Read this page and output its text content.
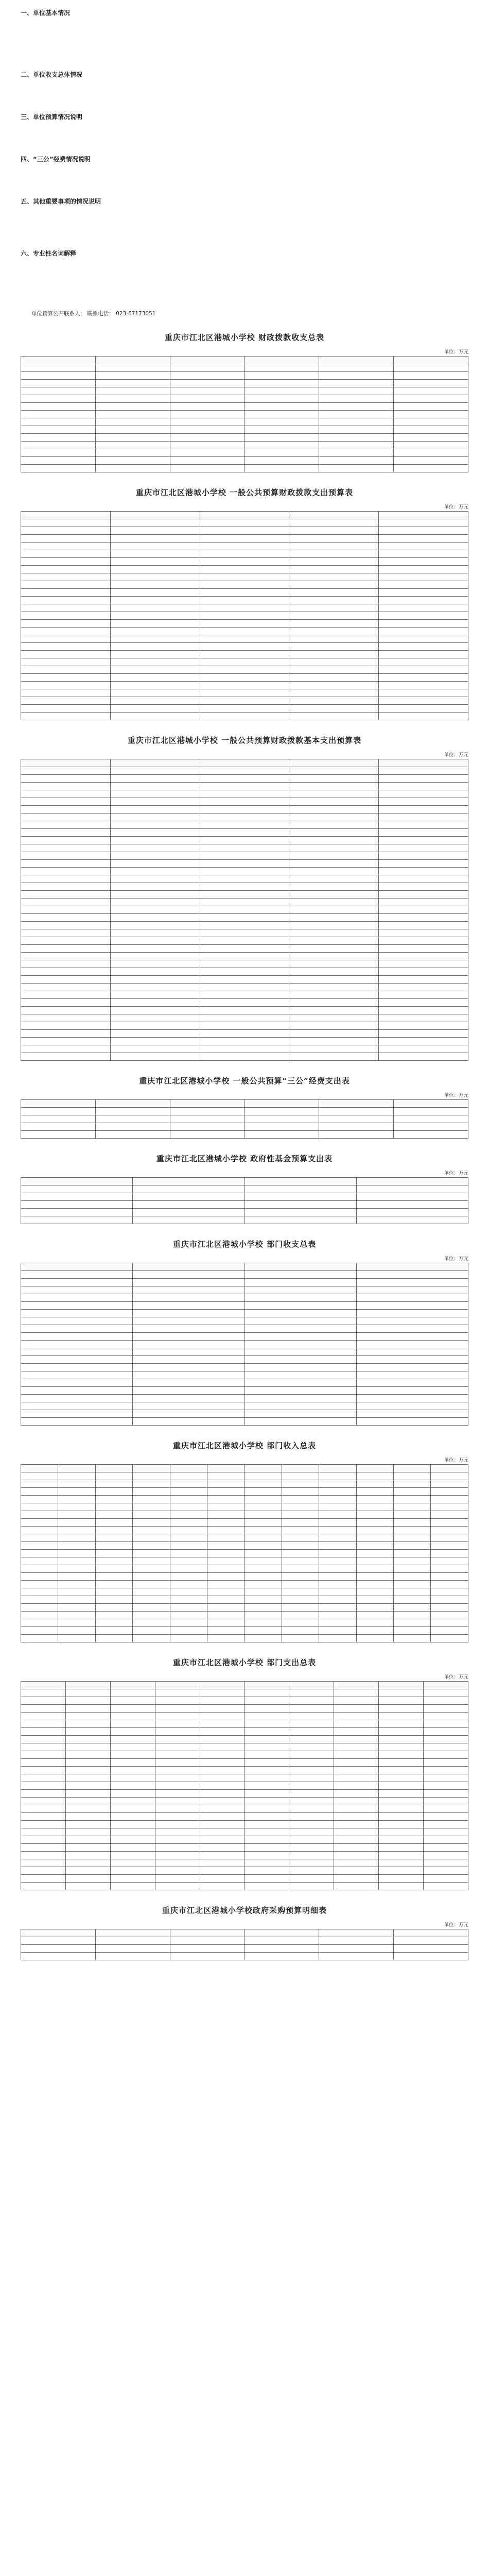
一、单位基本情况

二、单位收支总体情况

三、单位预算情况说明

四、“三公”经费情况说明

五、其他重要事项的情况说明

六、专业性名词解释

单位预算公开联系人： 联系电话： 023-67173051
重庆市江北区港城小学校 财政拨款收支总表
单位：万元

重庆市江北区港城小学校 一般公共预算财政拨款支出预算表
单位：万元

重庆市江北区港城小学校 一般公共预算财政拨款基本支出预算表
单位：万元

重庆市江北区港城小学校 一般公共预算“三公”经费支出表
单位：万元

重庆市江北区港城小学校 政府性基金预算支出表
单位：万元

重庆市江北区港城小学校 部门收支总表
单位：万元

重庆市江北区港城小学校 部门收入总表
单位：万元

重庆市江北区港城小学校 部门支出总表
单位：万元

重庆市江北区港城小学校政府采购预算明细表
单位：万元
